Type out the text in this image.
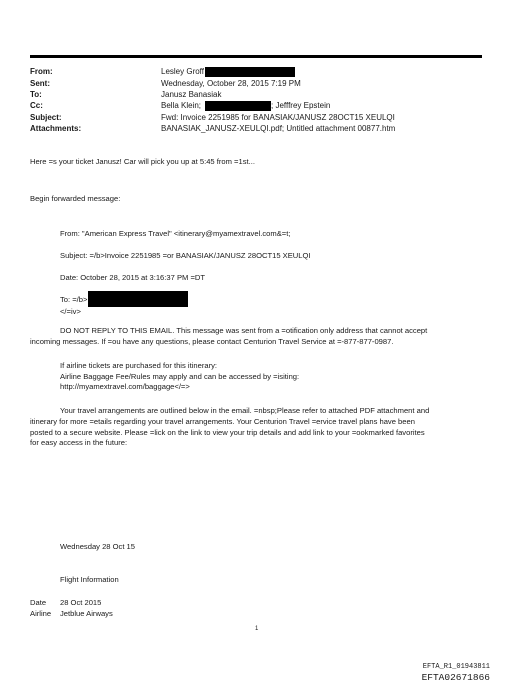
From:	Lesley Groff
Sent:	Wednesday, October 28, 2015 7:19 PM
To:	Janusz Banasiak
Cc:	Bella Klein;	; Jefffrey Epstein
Subject:	Fwd: Invoice 2251985 for BANASIAK/JANUSZ 28OCT15 XEULQI
Attachments:	BANASIAK_JANUSZ-XEULQI.pdf; Untitled attachment 00877.htm
Here =s your ticket Janusz! Car will pick you up at 5:45 from =1st...
Begin forwarded message:
From: "American Express Travel" <itinerary@myamextravel.com&=t;
Subject: =/b>Invoice 2251985 =or BANASIAK/JANUSZ 28OCT15 XEULQI
Date: October 28, 2015 at 3:16:37 PM =DT
To: =/b>
</=iv>
DO NOT REPLY TO THIS EMAIL. This message was sent from a =otification only address that cannot accept
incoming messages. If =ou have any questions, please contact Centurion Travel Service at =-877-877-0987.
If airline tickets are purchased for this itinerary:
Airline Baggage Fee/Rules may apply and can be accessed by =isiting:
http://myamextravel.com/baggage</=>
Your travel arrangements are outlined below in the email. =nbsp;Please refer to attached PDF attachment and
itinerary for more =etails regarding your travel arrangements. Your Centurion Travel =ervice travel plans have been
posted to a secure website. Please =lick on the link to view your trip details and add link to your =ookmarked favorites
for easy access in the future:
Wednesday 28 Oct 15
Flight Information
Date 28 Oct 2015
Airline Jetblue Airways
1
EFTA_R1_01943811
EFTA02671866
